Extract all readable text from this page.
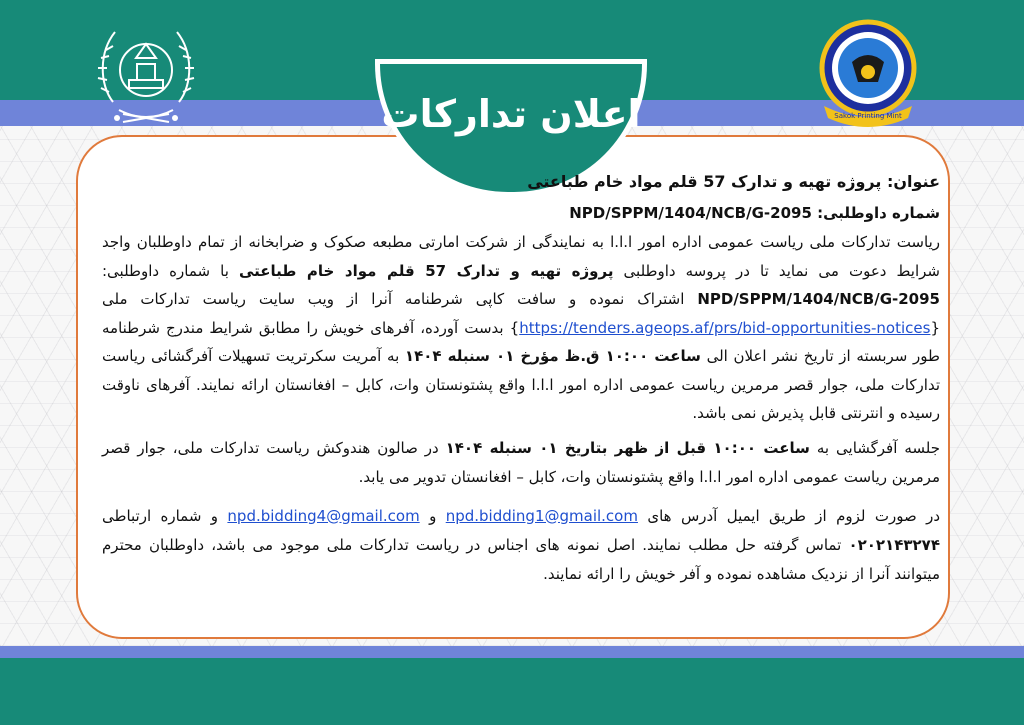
Sakok Printing Mint
اعلان تدارکات

عنوان: پروژه تهیه و تدارک 57 قلم مواد خام طباعتی

شماره داوطلبی: NPD/SPPM/1404/NCB/G-2095

ریاست تدارکات ملی ریاست عمومی اداره امور ا.ا.ا به نمایندگی از شرکت امارتی مطبعه صکوک و ضرابخانه از تمام داوطلبان واجد شرایط دعوت می نماید تا در پروسه داوطلبی پروژه تهیه و تدارک 57 قلم مواد خام طباعتی با شماره داوطلبی: NPD/SPPM/1404/NCB/G-2095 اشتراک نموده و سافت کاپی شرطنامه آنرا از ویب سایت ریاست تدارکات ملی {https://tenders.ageops.af/prs/bid-opportunities-notices} بدست آورده، آفرهای خویش را مطابق شرایط مندرج شرطنامه طور سربسته از تاریخ نشر اعلان الی ساعت ۱۰:۰۰ ق.ظ مؤرخ ۰۱ سنبله ۱۴۰۴ به آمریت سکرتریت تسهیلات آفرگشائی ریاست تدارکات ملی، جوار قصر مرمرین ریاست عمومی اداره امور ا.ا.ا واقع پشتونستان وات، کابل – افغانستان ارائه نمایند. آفرهای ناوقت رسیده و انترنتی قابل پذیرش نمی باشد.

جلسه آفرگشایی به ساعت ۱۰:۰۰ قبل از ظهر بتاریخ ۰۱ سنبله ۱۴۰۴ در صالون هندوکش ریاست تدارکات ملی، جوار قصر مرمرین ریاست عمومی اداره امور ا.ا.ا واقع پشتونستان وات، کابل – افغانستان تدویر می یابد.

در صورت لزوم از طریق ایمیل آدرس های npd.bidding1@gmail.com و npd.bidding4@gmail.com و شماره ارتباطی ۰۲۰۲۱۴۳۲۷۴ تماس گرفته حل مطلب نمایند. اصل نمونه های اجناس در ریاست تدارکات ملی موجود می باشد، داوطلبان محترم میتوانند آنرا از نزدیک مشاهده نموده و آفر خویش را ارائه نمایند.
